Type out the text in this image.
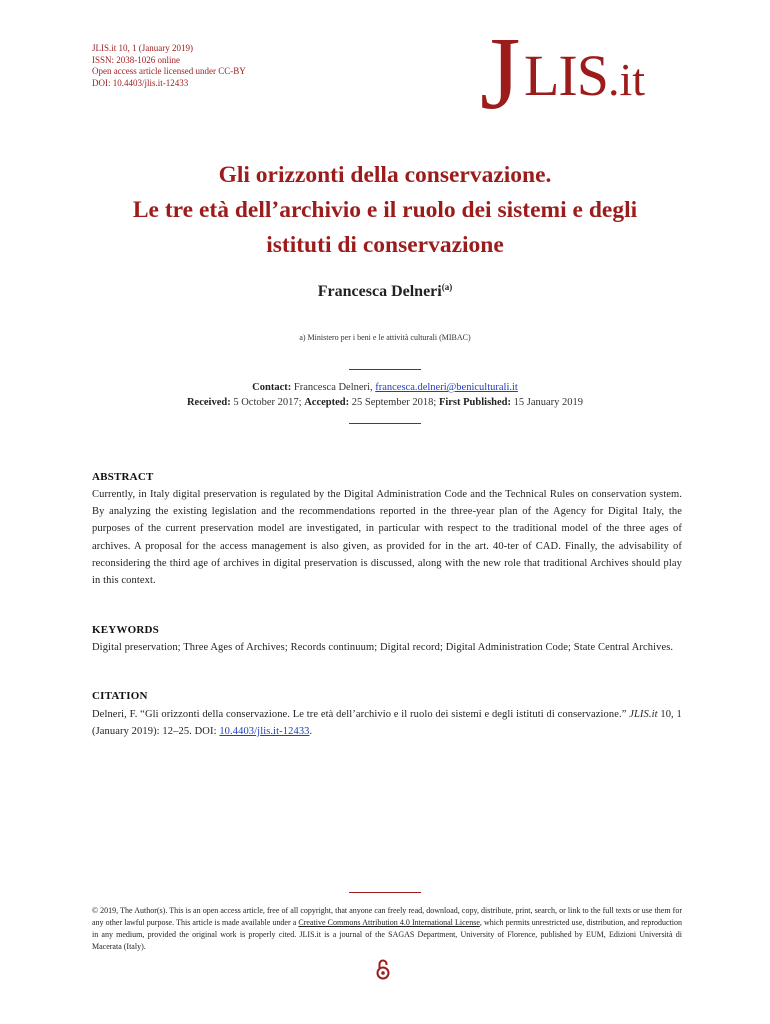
JLIS.it 10, 1 (January 2019)
ISSN: 2038-1026 online
Open access article licensed under CC-BY
DOI: 10.4403/jlis.it-12433	J LIS.it
Gli orizzonti della conservazione.
Le tre età dell’archivio e il ruolo dei sistemi e degli
istituti di conservazione
Francesca Delneri$^{(a)}$
a) Ministero per i beni e le attività culturali (MIBAC)
Contact: Francesca Delneri, francesca.delneri@beniculturali.it
Received: 5 October 2017; Accepted: 25 September 2018; First Published: 15 January 2019
ABSTRACT
Currently, in Italy digital preservation is regulated by the Digital Administration Code and the Technical Rules on conservation system. By analyzing the existing legislation and the recommendations reported in the three-year plan of the Agency for Digital Italy, the purposes of the current preservation model are investigated, in particular with respect to the traditional model of the three ages of archives. A proposal for the access management is also given, as provided for in the art. 40-ter of CAD. Finally, the advisability of reconsidering the third age of archives in digital preservation is discussed, along with the new role that traditional Archives should play in this context.
KEYWORDS
Digital preservation; Three Ages of Archives; Records continuum; Digital record; Digital Administration Code; State Central Archives.
CITATION
Delneri, F. “Gli orizzonti della conservazione. Le tre età dell’archivio e il ruolo dei sistemi e degli istituti di conservazione.” JLIS.it 10, 1 (January 2019): 12–25. DOI: 10.4403/jlis.it-12433.
© 2019, The Author(s). This is an open access article, free of all copyright, that anyone can freely read, download, copy, distribute, print, search, or link to the full texts or use them for any other lawful purpose. This article is made available under a Creative Commons Attribution 4.0 International License, which permits unrestricted use, distribution, and reproduction in any medium, provided the original work is properly cited. JLIS.it is a journal of the SAGAS Department, University of Florence, published by EUM, Edizioni Università di Macerata (Italy).
